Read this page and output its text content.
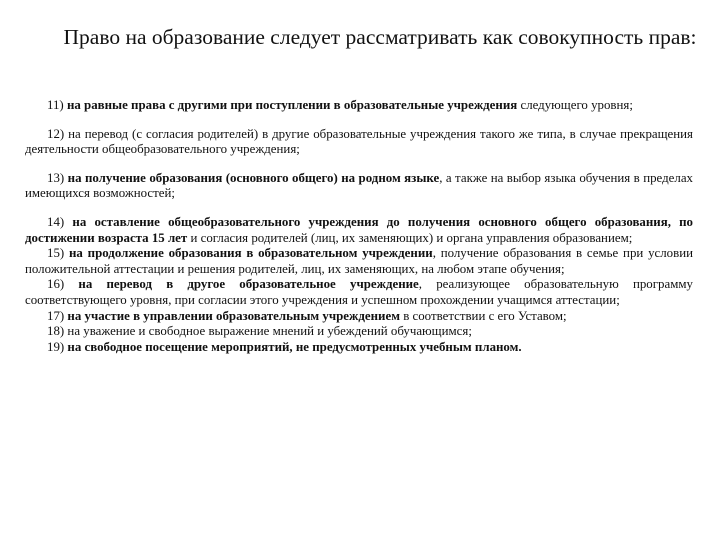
Право на образование следует рассматривать как совокупность прав:

11) на равные права с другими при поступлении в образовательные учреждения следующего уровня;

12) на перевод (с согласия родителей) в другие образовательные учреждения такого же типа, в случае прекращения деятельности общеобразовательного учреждения;

13) на получение образования (основного общего) на родном языке, а также на выбор языка обучения в пределах имеющихся возможностей;

14) на оставление общеобразовательного учреждения до получения основного общего образования, по достижении возраста 15 лет и согласия родителей (лиц, их заменяющих) и органа управления образованием;

15) на продолжение образования в образовательном учреждении, получение образования в семье при условии положительной аттестации и решения родителей, лиц, их заменяющих, на любом этапе обучения;

16) на перевод в другое образовательное учреждение, реализующее образовательную программу соответствующего уровня, при согласии этого учреждения и успешном прохождении учащимся аттестации;

17) на участие в управлении образовательным учреждением в соответствии с его Уставом;

18) на уважение и свободное выражение мнений и убеждений обучающимся;

19) на свободное посещение мероприятий, не предусмотренных учебным планом.
